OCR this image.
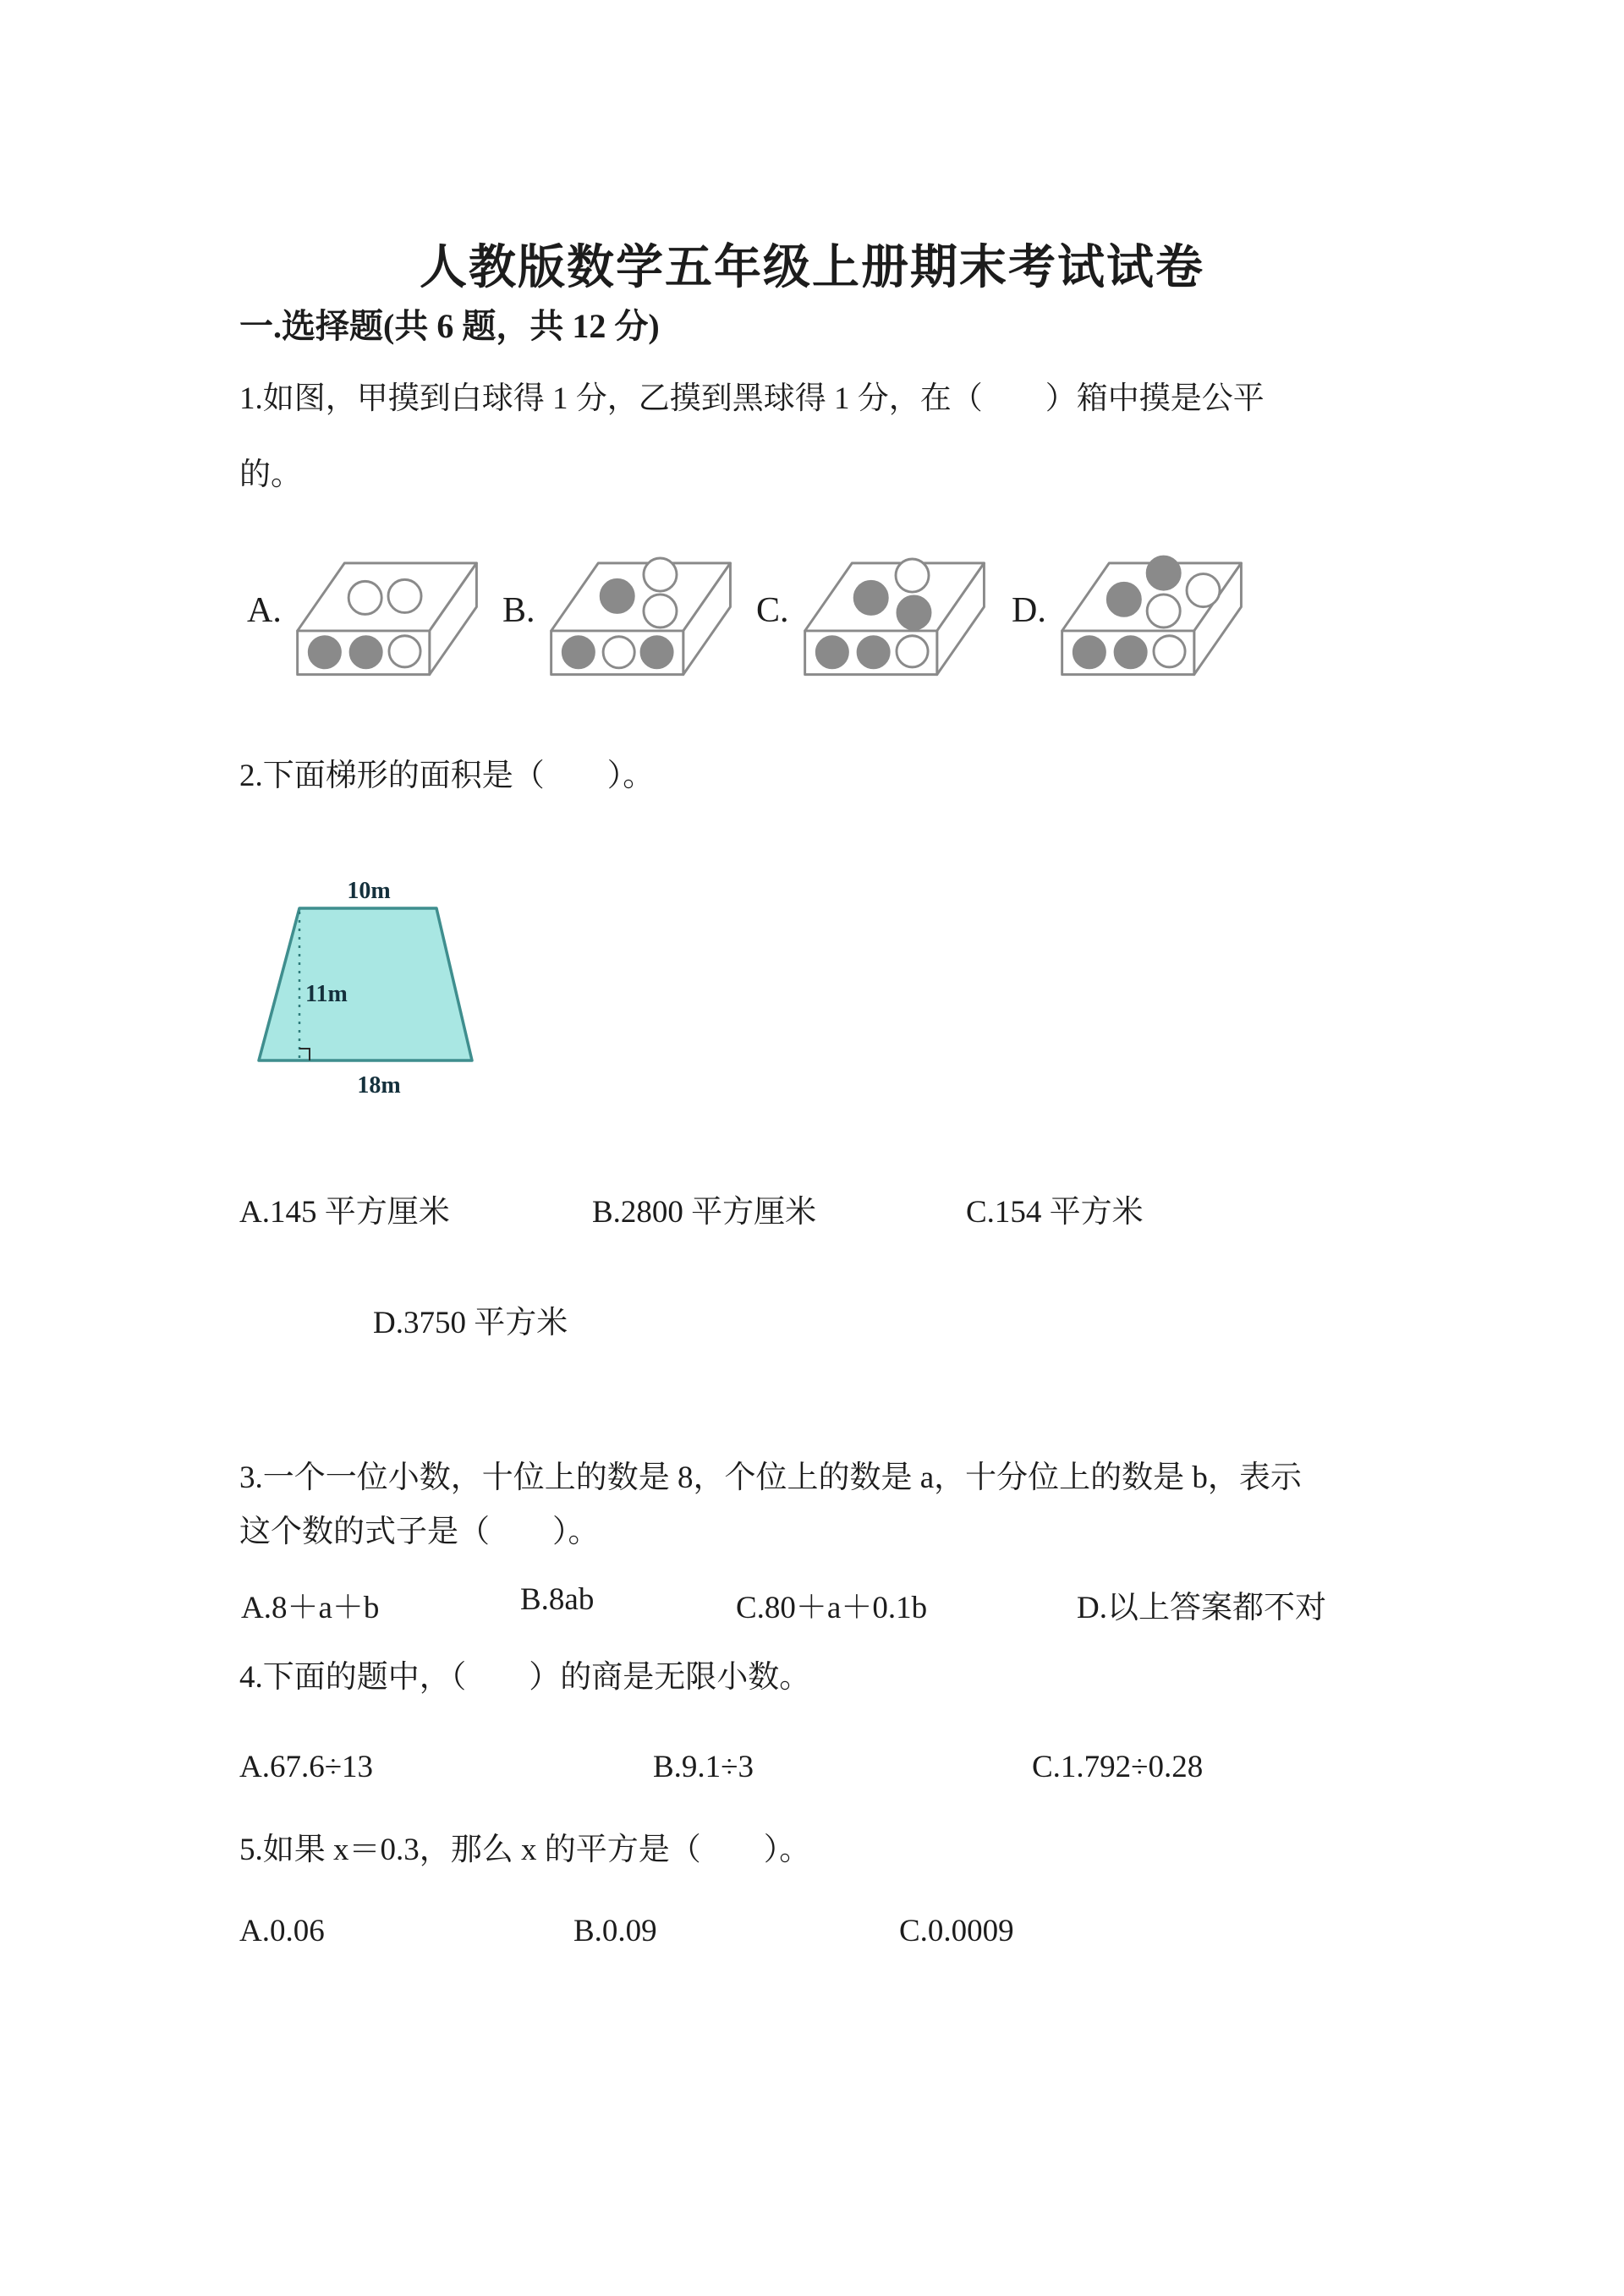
人教版数学五年级上册期末考试试卷
一.选择题(共 6 题，共 12 分)
1.如图，甲摸到白球得 1 分，乙摸到黑球得 1 分，在（　　）箱中摸是公平
的。
A.	B.	C.	D.
2.下面梯形的面积是（　　）。
10m
11m
18m
A.145 平方厘米	B.2800 平方厘米	C.154 平方米
D.3750 平方米
3.一个一位小数，十位上的数是 8，个位上的数是 a，十分位上的数是 b，表示
这个数的式子是（　　）。
A.8＋a＋b	B.8ab	C.80＋a＋0.1b	D.以上答案都不对
4.下面的题中，（　　）的商是无限小数。
A.67.6÷13	B.9.1÷3	C.1.792÷0.28
5.如果 x＝0.3，那么 x 的平方是（　　）。
A.0.06	B.0.09	C.0.0009
